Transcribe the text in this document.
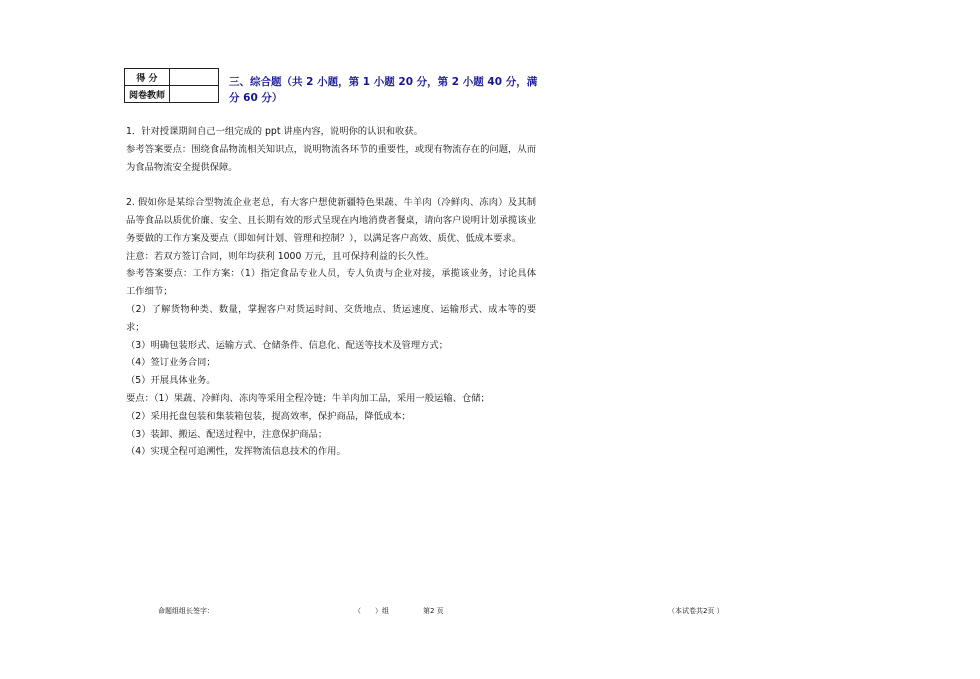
得 分	
阅卷教师	
三、综合题（共 2 小题，第 1 小题 20 分，第 2 小题 40 分，满分 60 分）

1．针对授课期间自己一组完成的 ppt 讲座内容，说明你的认识和收获。

参考答案要点：围绕食品物流相关知识点，说明物流各环节的重要性，或现有物流存在的问题，从而为食品物流安全提供保障。

2. 假如你是某综合型物流企业老总，有大客户想使新疆特色果蔬、牛羊肉（冷鲜肉、冻肉）及其制品等食品以质优价廉、安全、且长期有效的形式呈现在内地消费者餐桌，请向客户说明计划承揽该业务要做的工作方案及要点（即如何计划、管理和控制？），以满足客户高效、质优、低成本要求。

注意：若双方签订合同，则年均获利 1000 万元，且可保持利益的长久性。

参考答案要点：工作方案：（1）指定食品专业人员，专人负责与企业对接，承揽该业务，讨论具体工作细节；

（2）了解货物种类、数量，掌握客户对货运时间、交货地点、货运速度、运输形式、成本等的要求；

（3）明确包装形式、运输方式、仓储条件、信息化、配送等技术及管理方式；

（4）签订业务合同；

（5）开展具体业务。

要点：（1）果蔬、冷鲜肉、冻肉等采用全程冷链；牛羊肉加工品，采用一般运输、仓储；

（2）采用托盘包装和集装箱包装，提高效率，保护商品，降低成本；

（3）装卸、搬运、配送过程中，注意保护商品；

（4）实现全程可追溯性，发挥物流信息技术的作用。

命题组组长签字：	（　　）组	第2 页	（本试卷共2页 ）
